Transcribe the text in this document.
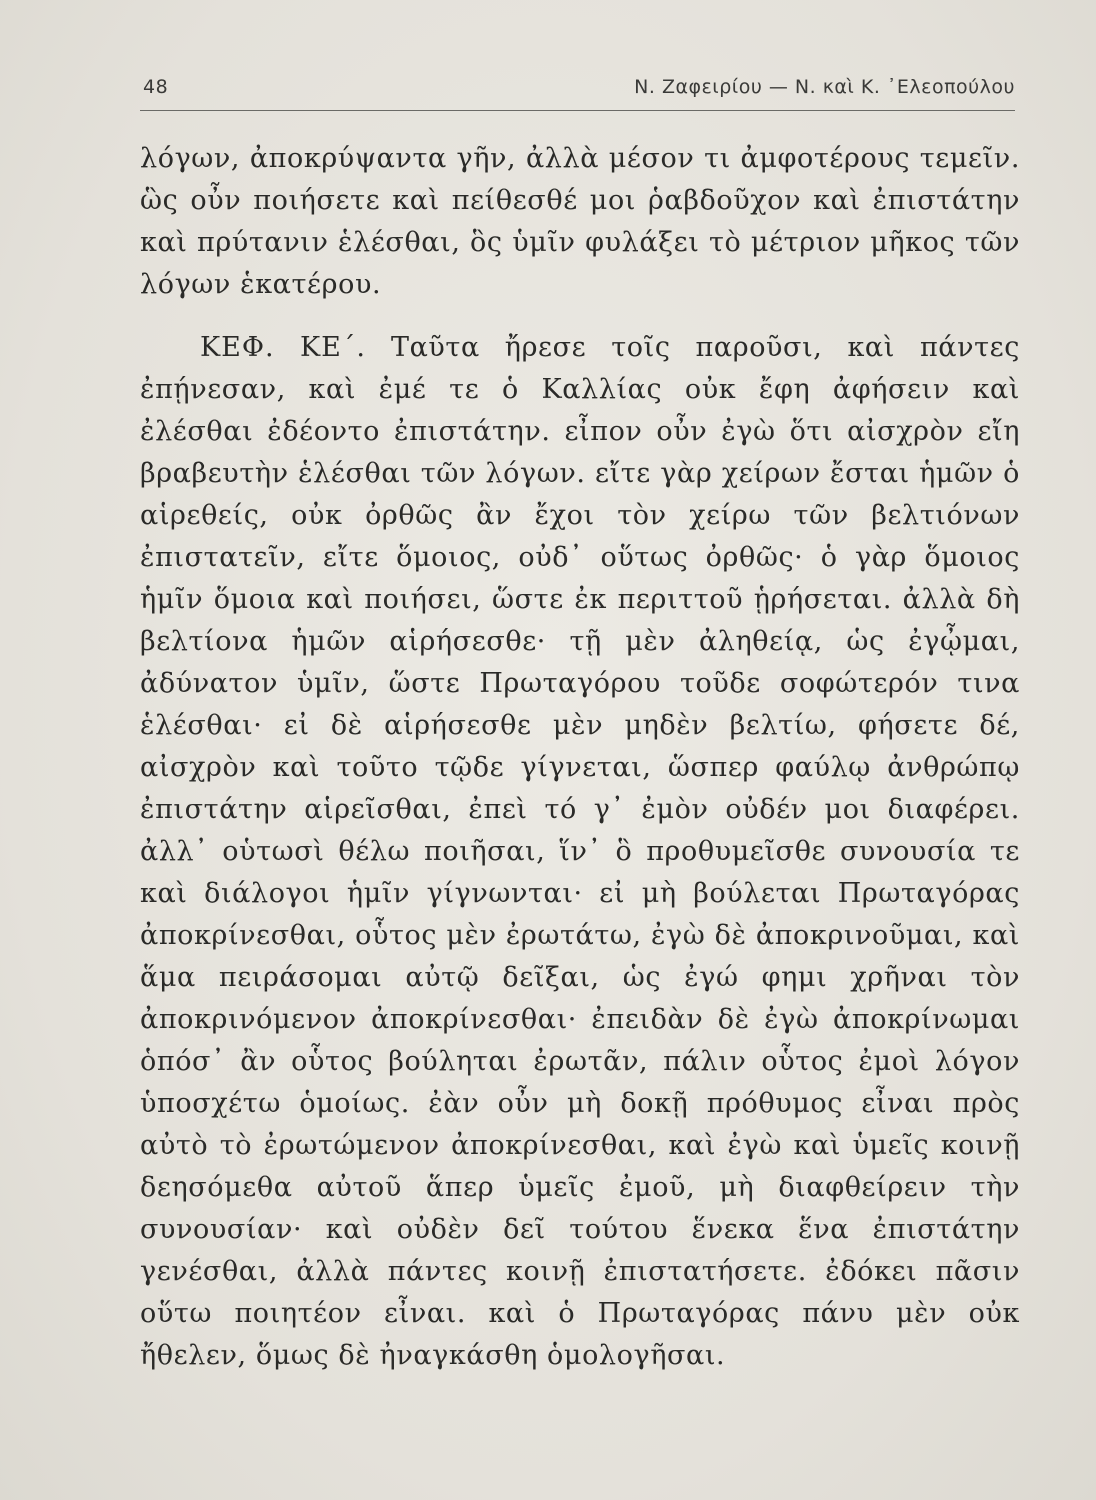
48	Ν. Ζαφειρίου — Ν. καὶ Κ. ᾿Ελεοπούλου

λόγων, ἀποκρύψαντα γῆν, ἀλλὰ μέσον τι ἀμφοτέρους τεμεῖν. ὣς οὖν ποιήσετε καὶ πείθεσθέ μοι ῥαβδοῦχον καὶ ἐπιστάτην καὶ πρύτανιν ἑλέσθαι, ὃς ὑμῖν φυλάξει τὸ μέτριον μῆκος τῶν λόγων ἑκατέρου.

ΚΕΦ. ΚΕ΄. Ταῦτα ἤρεσε τοῖς παροῦσι, καὶ πάντες ἐπῄνεσαν, καὶ ἐμέ τε ὁ Καλλίας οὐκ ἔφη ἀφήσειν καὶ ἐλέσθαι ἐδέοντο ἐπιστάτην. εἶπον οὖν ἐγὼ ὅτι αἰσχρὸν εἴη βραβευτὴν ἑλέσθαι τῶν λόγων. εἴτε γὰρ χείρων ἔσται ἡμῶν ὁ αἱρεθείς, οὐκ ὀρθῶς ἂν ἔχοι τὸν χείρω τῶν βελτιόνων ἐπιστατεῖν, εἴτε ὅμοιος, οὐδ᾽ οὕτως ὀρθῶς· ὁ γὰρ ὅμοιος ἡμῖν ὅμοια καὶ ποιήσει, ὥστε ἐκ περιττοῦ ᾑρήσεται. ἀλλὰ δὴ βελτίονα ἡμῶν αἱρήσεσθε· τῇ μὲν ἀληθείᾳ, ὡς ἐγᾦμαι, ἀδύνατον ὑμῖν, ὥστε Πρωταγόρου τοῦδε σοφώτερόν τινα ἑλέσθαι· εἰ δὲ αἱρήσεσθε μὲν μηδὲν βελτίω, φήσετε δέ, αἰσχρὸν καὶ τοῦτο τῷδε γίγνεται, ὥσπερ φαύλῳ ἀνθρώπῳ ἐπιστάτην αἱρεῖσθαι, ἐπεὶ τό γ᾽ ἐμὸν οὐδέν μοι διαφέρει. ἀλλ᾽ οὑτωσὶ θέλω ποιῆσαι, ἵν᾽ ὃ προθυμεῖσθε συνουσία τε καὶ διάλογοι ἡμῖν γίγνωνται· εἰ μὴ βούλεται Πρωταγόρας ἀποκρίνεσθαι, οὗτος μὲν ἐρωτάτω, ἐγὼ δὲ ἀποκρινοῦμαι, καὶ ἅμα πειράσομαι αὐτῷ δεῖξαι, ὡς ἐγώ φημι χρῆναι τὸν ἀποκρινόμενον ἀποκρίνεσθαι· ἐπειδὰν δὲ ἐγὼ ἀποκρίνωμαι ὁπόσ᾽ ἂν οὗτος βούληται ἐρωτᾶν, πάλιν οὗτος ἐμοὶ λόγον ὑποσχέτω ὁμοίως. ἐὰν οὖν μὴ δοκῇ πρόθυμος εἶναι πρὸς αὐτὸ τὸ ἐρωτώμενον ἀποκρίνεσθαι, καὶ ἐγὼ καὶ ὑμεῖς κοινῇ δεησόμεθα αὐτοῦ ἅπερ ὑμεῖς ἐμοῦ, μὴ διαφθείρειν τὴν συνουσίαν· καὶ οὐδὲν δεῖ τούτου ἕνεκα ἕνα ἐπιστάτην γενέσθαι, ἀλλὰ πάντες κοινῇ ἐπιστατήσετε. ἐδόκει πᾶσιν οὕτω ποιητέον εἶναι. καὶ ὁ Πρωταγόρας πάνυ μὲν οὐκ ἤθελεν, ὅμως δὲ ἠναγκάσθη ὁμολογῆσαι.
